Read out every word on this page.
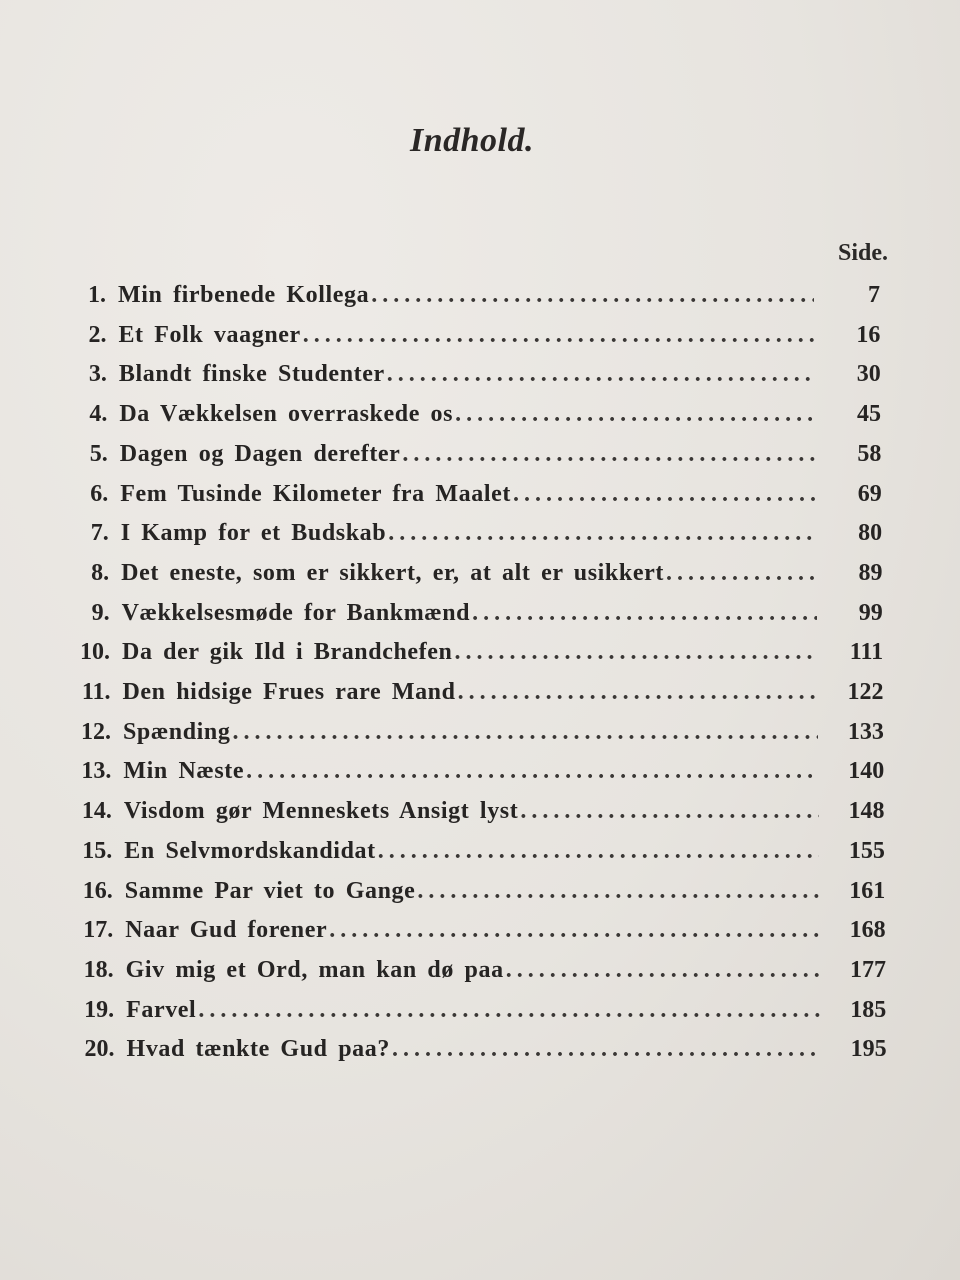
Indhold.
Side.
1. Min firbenede Kollega . . .	7
2. Et Folk vaagner . . .	16
3. Blandt finske Studenter . . .	30
4. Da Vækkelsen overraskede os . . .	45
5. Dagen og Dagen derefter . . .	58
6. Fem Tusinde Kilometer fra Maalet . . .	69
7. I Kamp for et Budskab . . .	80
8. Det eneste, som er sikkert, er, at alt er usikkert . . .	89
9. Vækkelsesmøde for Bankmænd . . .	99
10. Da der gik Ild i Brandchefen . . .	111
11. Den hidsige Frues rare Mand . . .	122
12. Spænding . . .	133
13. Min Næste . . .	140
14. Visdom gør Menneskets Ansigt lyst . . .	148
15. En Selvmordskandidat . . .	155
16. Samme Par viet to Gange . . .	161
17. Naar Gud forener . . .	168
18. Giv mig et Ord, man kan dø paa . . .	177
19. Farvel . . .	185
20. Hvad tænkte Gud paa? . . .	195
